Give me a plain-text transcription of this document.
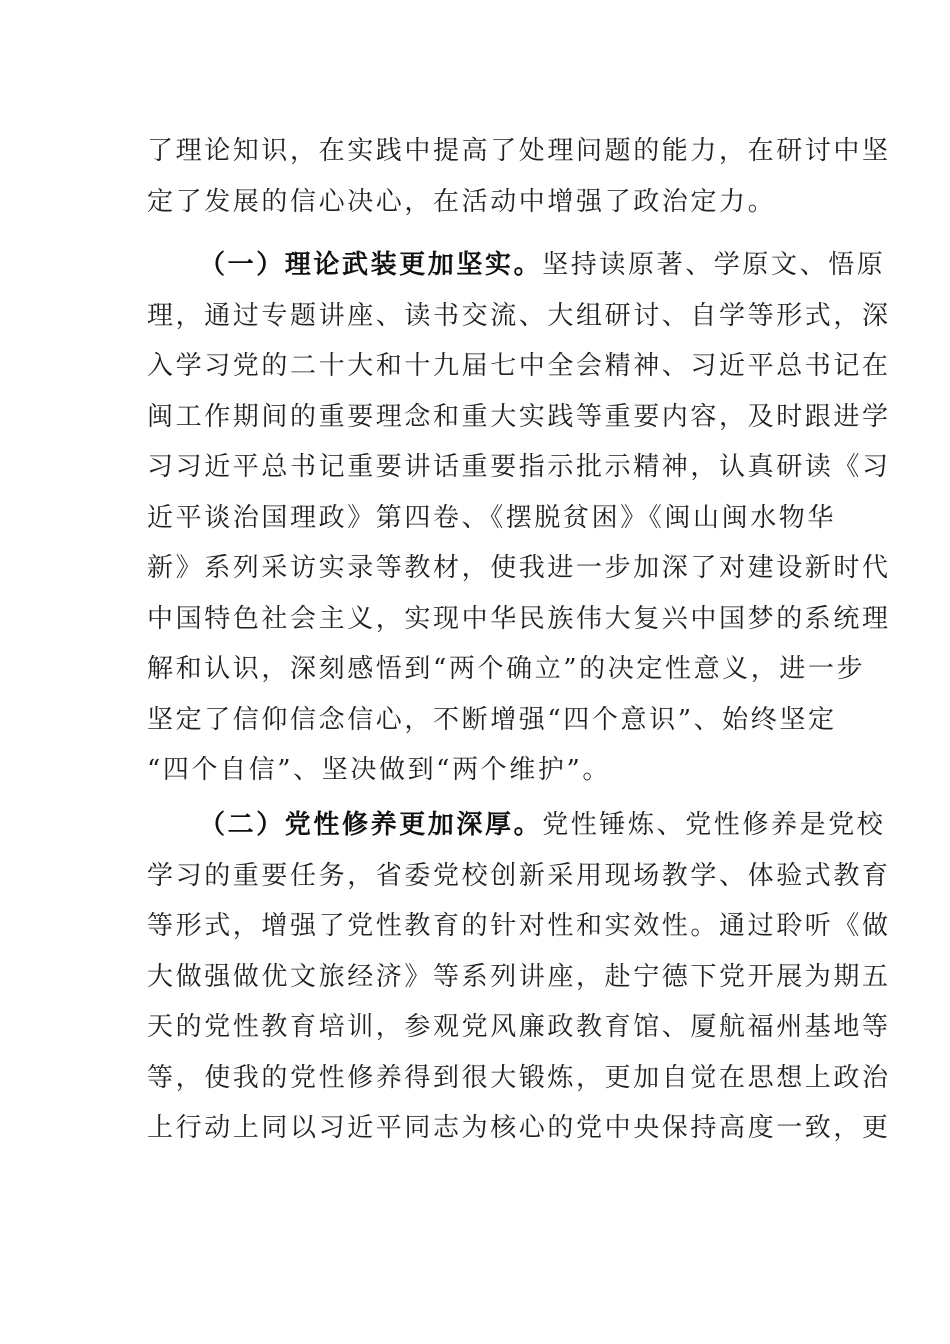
了理论知识，在实践中提高了处理问题的能力，在研讨中坚
定了发展的信心决心，在活动中增强了政治定力。
（一）理论武装更加坚实。坚持读原著、学原文、悟原
理，通过专题讲座、读书交流、大组研讨、自学等形式，深
入学习党的二十大和十九届七中全会精神、习近平总书记在
闽工作期间的重要理念和重大实践等重要内容，及时跟进学
习习近平总书记重要讲话重要指示批示精神，认真研读《习
近平谈治国理政》第四卷、《摆脱贫困》《闽山闽水物华
新》系列采访实录等教材，使我进一步加深了对建设新时代
中国特色社会主义，实现中华民族伟大复兴中国梦的系统理
解和认识，深刻感悟到“两个确立”的决定性意义，进一步
坚定了信仰信念信心，不断增强“四个意识”、始终坚定
“四个自信”、坚决做到“两个维护”。
（二）党性修养更加深厚。党性锤炼、党性修养是党校
学习的重要任务，省委党校创新采用现场教学、体验式教育
等形式，增强了党性教育的针对性和实效性。通过聆听《做
大做强做优文旅经济》等系列讲座，赴宁德下党开展为期五
天的党性教育培训，参观党风廉政教育馆、厦航福州基地等
等，使我的党性修养得到很大锻炼，更加自觉在思想上政治
上行动上同以习近平同志为核心的党中央保持高度一致，更
